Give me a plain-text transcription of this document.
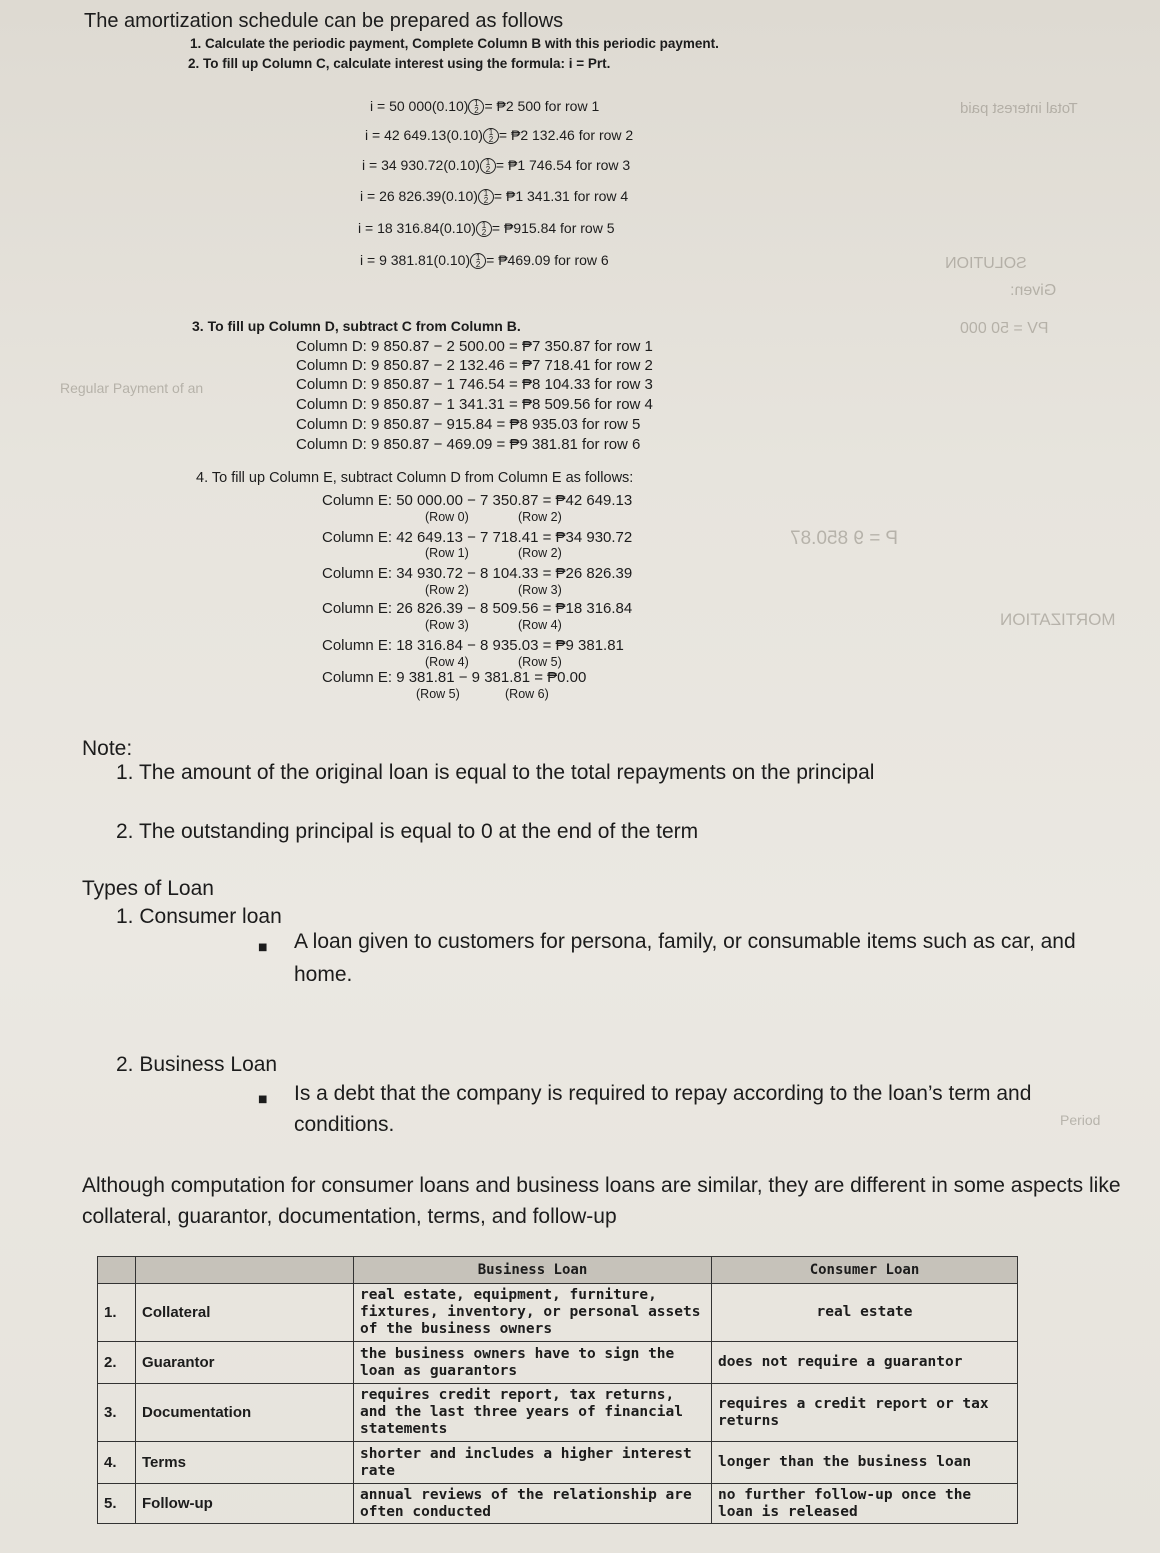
Total interest paid
Regular Payment of an
Given:
PV = 50 000
SOLUTION
MORTIZATION
P = 9 850.87
Period
The amortization schedule can be prepared as follows
1. Calculate the periodic payment, Complete Column B with this periodic payment.
2. To fill up Column C, calculate interest using the formula: i = Prt.
i = 50 000(0.10) 1
2 = ₱2 500 for row 1
i = 42 649.13(0.10) 1
2 = ₱2 132.46 for row 2
i = 34 930.72(0.10) 1
2 = ₱1 746.54 for row 3
i = 26 826.39(0.10) 1
2 = ₱1 341.31 for row 4
i = 18 316.84(0.10) 1
2 = ₱915.84 for row 5
i = 9 381.81(0.10) 1
2 = ₱469.09 for row 6
3. To fill up Column D, subtract C from Column B.
Column D: 9 850.87 − 2 500.00 = ₱7 350.87 for row 1
Column D: 9 850.87 − 2 132.46 = ₱7 718.41 for row 2
Column D: 9 850.87 − 1 746.54 = ₱8 104.33 for row 3
Column D: 9 850.87 − 1 341.31 = ₱8 509.56 for row 4
Column D: 9 850.87 − 915.84 = ₱8 935.03 for row 5
Column D: 9 850.87 − 469.09 = ₱9 381.81 for row 6
4. To fill up Column E, subtract Column D from Column E as follows:
Column E: 50 000.00 − 7 350.87 = ₱42 649.13
(Row 0)	(Row 2)
Column E: 42 649.13 − 7 718.41 = ₱34 930.72
(Row 1)	(Row 2)
Column E: 34 930.72 − 8 104.33 = ₱26 826.39
(Row 2)	(Row 3)
Column E: 26 826.39 − 8 509.56 = ₱18 316.84
(Row 3)	(Row 4)
Column E: 18 316.84 − 8 935.03 = ₱9 381.81
(Row 4)	(Row 5)
Column E: 9 381.81 − 9 381.81 = ₱0.00
(Row 5)	(Row 6)
Note:
1. The amount of the original loan is equal to the total repayments on the principal
2. The outstanding principal is equal to 0 at the end of the term
Types of Loan
1. Consumer loan
■ A loan given to customers for persona, family, or consumable items such as car, and
home.
2. Business Loan
■ Is a debt that the company is required to repay according to the loan’s term and
conditions.
Although computation for consumer loans and business loans are similar, they are different in some aspects like
collateral, guarantor, documentation, terms, and follow-up
		Business Loan	Consumer Loan
1.	Collateral	real estate, equipment, furniture, fixtures, inventory, or personal assets of the business owners	real estate
2.	Guarantor	the business owners have to sign the loan as guarantors	does not require a guarantor
3.	Documentation	requires credit report, tax returns, and the last three years of financial statements	requires a credit report or tax returns
4.	Terms	shorter and includes a higher interest rate	longer than the business loan
5.	Follow-up	annual reviews of the relationship are often conducted	no further follow-up once the loan is released
